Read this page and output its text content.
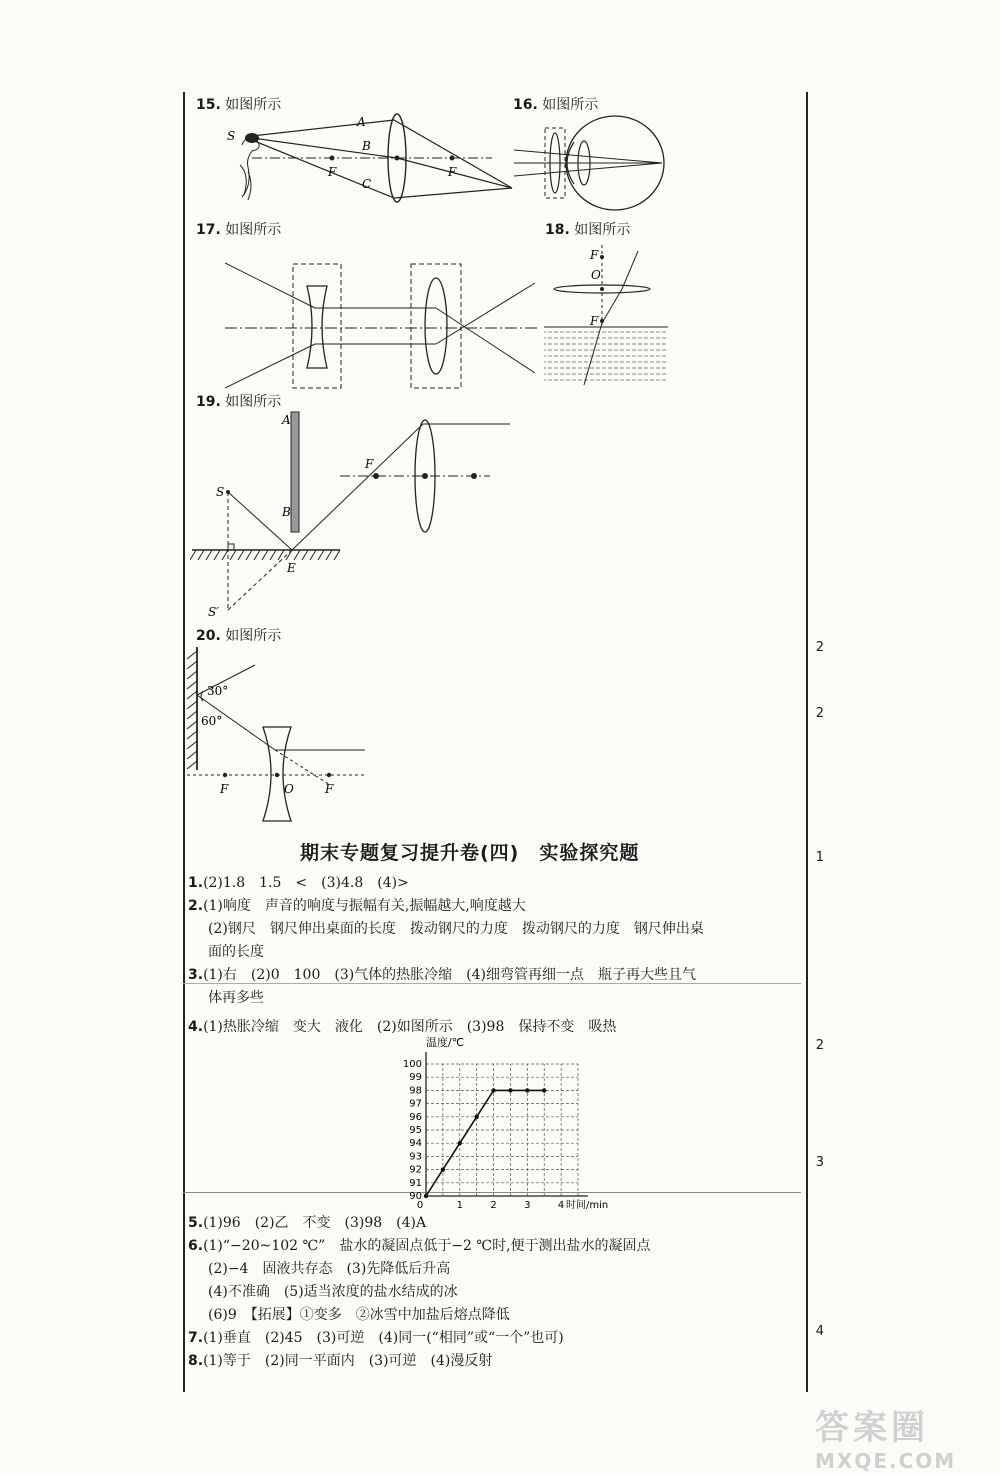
15. 如图所示
S
A
B
C
F	F
16. 如图所示
17. 如图所示	18. 如图所示
F
O
F
19. 如图所示
A
B
S
F
E
S′
20. 如图所示
30°
60°
F	O	F
期末专题复习提升卷(四)　实验探究题
1.(2)1.8　1.5　<　(3)4.8　(4)>
2.(1)响度　声音的响度与振幅有关,振幅越大,响度越大
(2)钢尺　钢尺伸出桌面的长度　拨动钢尺的力度　拨动钢尺的力度　钢尺伸出桌
面的长度
3.(1)右　(2)0　100　(3)气体的热胀冷缩　(4)细弯管再细一点　瓶子再大些且气
体再多些
4.(1)热胀冷缩　变大　液化　(2)如图所示　(3)98　保持不变　吸热
90
91
92
93
94
95
96
97
98
99
100
0	1	2	3	4
温度/℃
时间/min
5.(1)96　(2)乙　不变　(3)98　(4)A
6.(1)“−20~102 ℃”　盐水的凝固点低于−2 ℃时,便于测出盐水的凝固点
(2)−4　固液共存态　(3)先降低后升高
(4)不准确　(5)适当浓度的盐水结成的冰
(6)9　【拓展】①变多　②冰雪中加盐后熔点降低
7.(1)垂直　(2)45　(3)可逆　(4)同一(“相同”或“一个”也可)
8.(1)等于　(2)同一平面内　(3)可逆　(4)漫反射
2
2
1
2
3
4
答案圈
MXQE.COM
